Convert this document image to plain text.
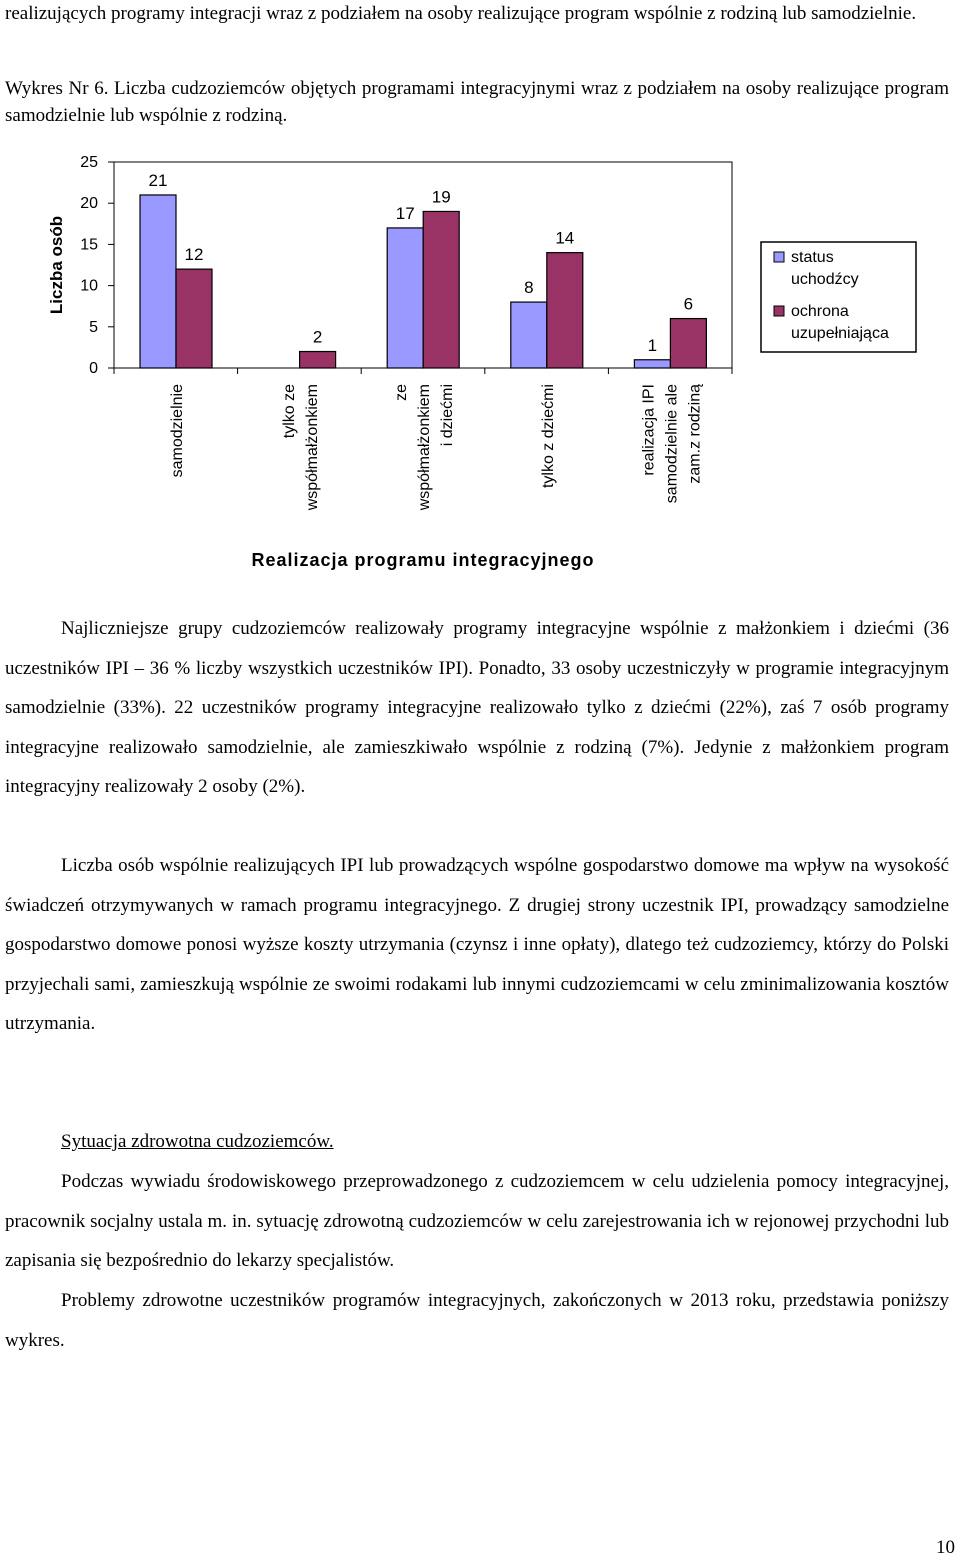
realizujących programy integracji wraz z podziałem na osoby realizujące program wspólnie z rodziną lub samodzielnie.

Wykres Nr 6. Liczba cudzoziemców objętych programami integracyjnymi wraz z podziałem na osoby realizujące program samodzielnie lub wspólnie z rodziną.

0
5
10
15
20
25
Liczba osób
Realizacja programu integracyjnego
21
12
samodzielnie
2
tylko ze współmałżonkiem
17
19
ze współmałżonkiem i dziećmi
8
14
tylko z dziećmi
1
6
realizacja IPI samodzielnie ale zam.z rodziną
status
uchodźcy
ochrona
uzupełniająca

Najliczniejsze grupy cudzoziemców realizowały programy integracyjne wspólnie z małżonkiem i dziećmi (36 uczestników IPI – 36 % liczby wszystkich uczestników IPI). Ponadto, 33 osoby uczestniczyły w programie integracyjnym samodzielnie (33%). 22 uczestników programy integracyjne realizowało tylko z dziećmi (22%), zaś 7 osób programy integracyjne realizowało samodzielnie, ale zamieszkiwało wspólnie z rodziną (7%). Jedynie z małżonkiem program integracyjny realizowały 2 osoby (2%).

Liczba osób wspólnie realizujących IPI lub prowadzących wspólne gospodarstwo domowe ma wpływ na wysokość świadczeń otrzymywanych w ramach programu integracyjnego. Z drugiej strony uczestnik IPI, prowadzący samodzielne gospodarstwo domowe ponosi wyższe koszty utrzymania (czynsz i inne opłaty), dlatego też cudzoziemcy, którzy do Polski przyjechali sami, zamieszkują wspólnie ze swoimi rodakami lub innymi cudzoziemcami w celu zminimalizowania kosztów utrzymania.

Sytuacja zdrowotna cudzoziemców.

Podczas wywiadu środowiskowego przeprowadzonego z cudzoziemcem w celu udzielenia pomocy integracyjnej, pracownik socjalny ustala m. in. sytuację zdrowotną cudzoziemców w celu zarejestrowania ich w rejonowej przychodni lub zapisania się bezpośrednio do lekarzy specjalistów.

Problemy zdrowotne uczestników programów integracyjnych, zakończonych w 2013 roku, przedstawia poniższy wykres.

10
